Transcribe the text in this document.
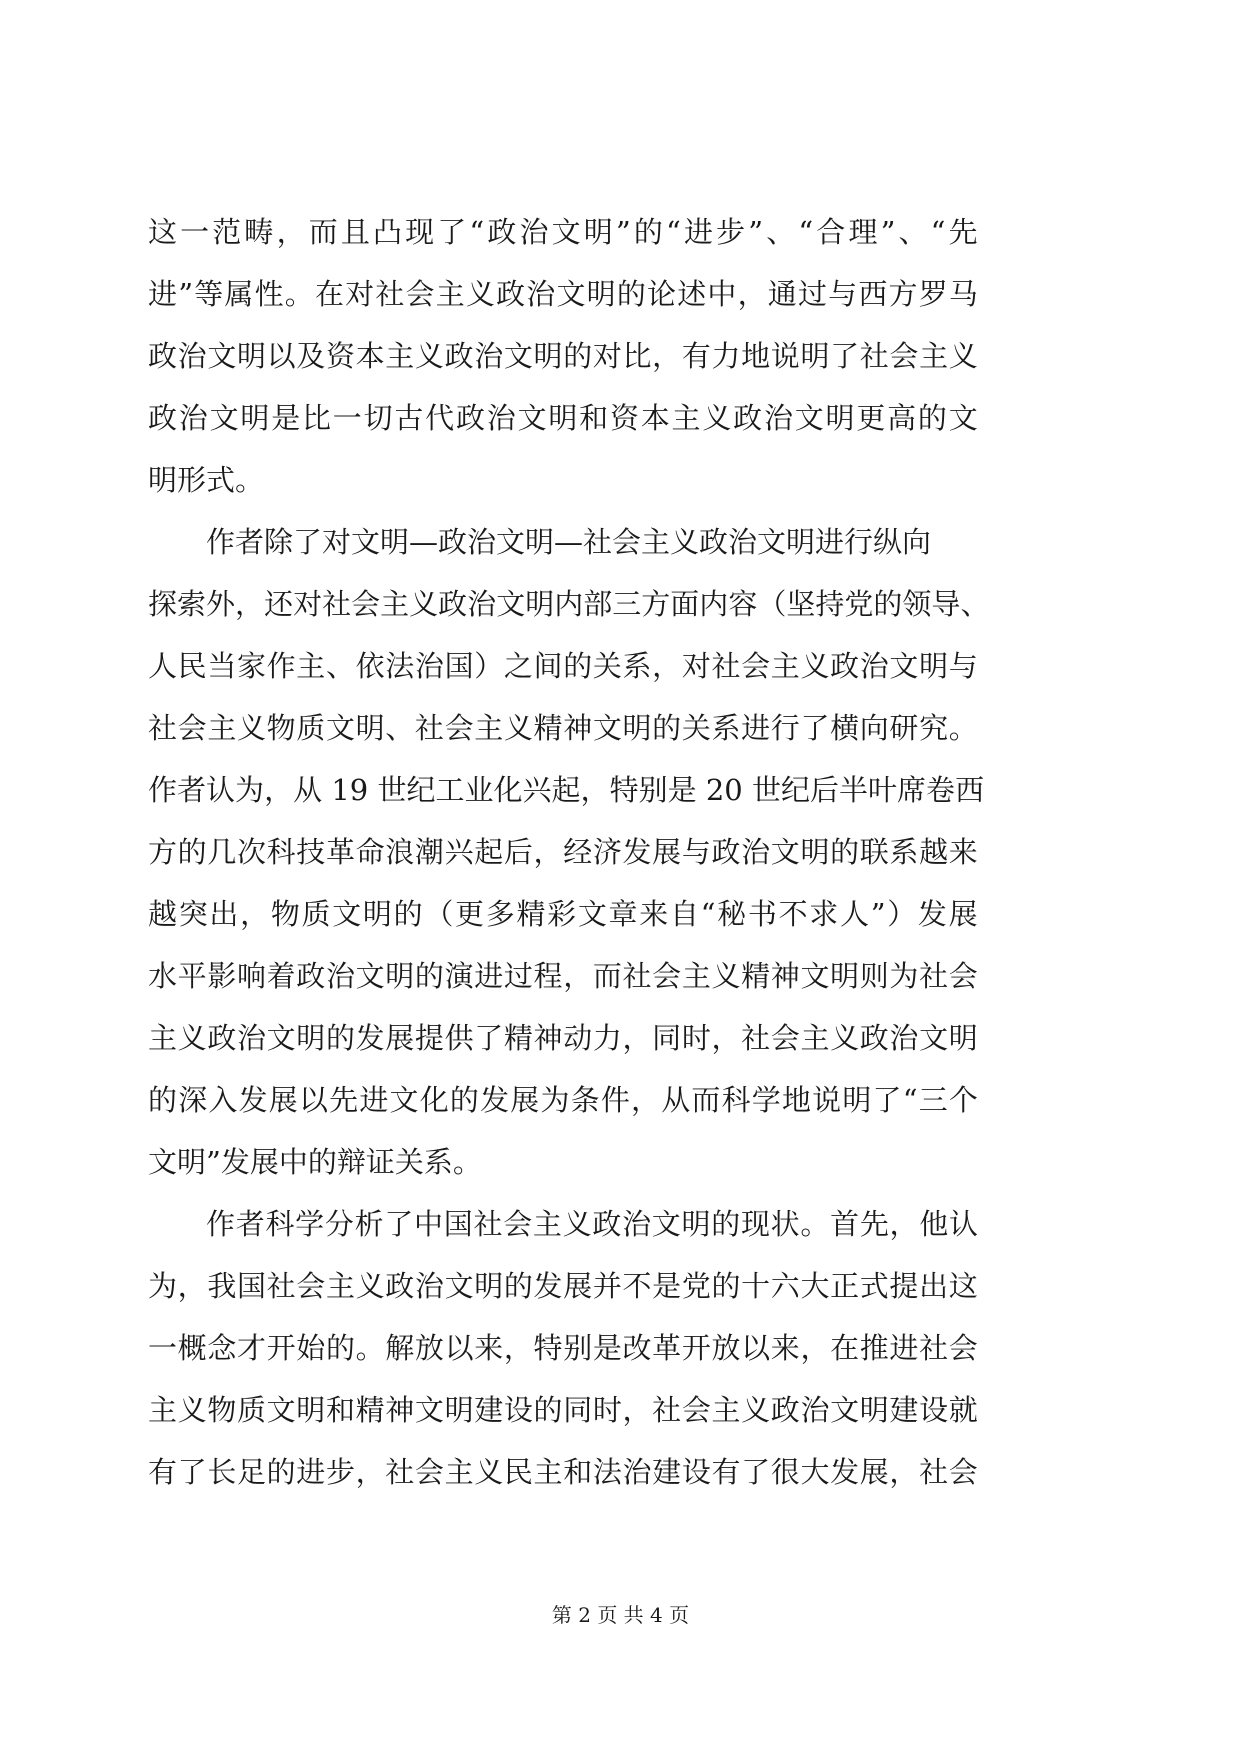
这 一 范 畴 ， 而 且 凸 现 了 “ 政 治 文 明 ” 的 “ 进 步 ” 、 “ 合 理 ” 、 “ 先

进 ” 等 属 性 。 在 对 社 会 主 义 政 治 文 明 的 论 述 中 ， 通 过 与 西 方 罗 马

政 治 文 明 以 及 资 本 主 义 政 治 文 明 的 对 比 ， 有 力 地 说 明 了 社 会 主 义

政 治 文 明 是 比 一 切 古 代 政 治 文 明 和 资 本 主 义 政 治 文 明 更 高 的 文

明形式。

作者除了对文明—政治文明—社会主义政治文明进行纵向

探 索 外 ， 还 对 社 会 主 义 政 治 文 明 内 部 三 方 面 内 容 （ 坚 持 党 的 领 导 、

人 民 当 家 作 主 、 依 法 治 国 ） 之 间 的 关 系 ， 对 社 会 主 义 政 治 文 明 与

社 会 主 义 物 质 文 明 、 社 会 主 义 精 神 文 明 的 关 系 进 行 了 横 向 研 究 。

作 者 认 为 ， 从
1 9
世 纪 工 业 化 兴 起 ， 特 别 是
2 0
世 纪 后 半 叶 席 卷 西

方 的 几 次 科 技 革 命 浪 潮 兴 起 后 ， 经 济 发 展 与 政 治 文 明 的 联 系 越 来

越 突 出 ， 物 质 文 明 的 （ 更 多 精 彩 文 章 来 自 “ 秘 书 不 求 人 ” ） 发 展

水 平 影 响 着 政 治 文 明 的 演 进 过 程 ， 而 社 会 主 义 精 神 文 明 则 为 社 会

主 义 政 治 文 明 的 发 展 提 供 了 精 神 动 力 ， 同 时 ， 社 会 主 义 政 治 文 明

的 深 入 发 展 以 先 进 文 化 的 发 展 为 条 件 ， 从 而 科 学 地 说 明 了 “ 三 个

文明”发展中的辩证关系。

作 者 科 学 分 析 了 中 国 社 会 主 义 政 治 文 明 的 现 状 。 首 先 ， 他 认

为 ， 我 国 社 会 主 义 政 治 文 明 的 发 展 并 不 是 党 的 十 六 大 正 式 提 出 这

一 概 念 才 开 始 的 。 解 放 以 来 ， 特 别 是 改 革 开 放 以 来 ， 在 推 进 社 会

主 义 物 质 文 明 和 精 神 文 明 建 设 的 同 时 ， 社 会 主 义 政 治 文 明 建 设 就

有 了 长 足 的 进 步 ， 社 会 主 义 民 主 和 法 治 建 设 有 了 很 大 发 展 ， 社 会

第 2 页 共 4 页
